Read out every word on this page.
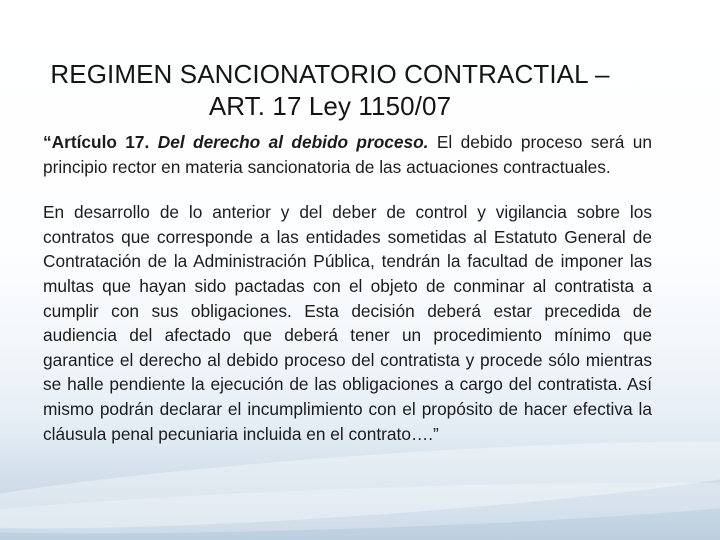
REGIMEN SANCIONATORIO CONTRACTIAL –
ART. 17 Ley 1150/07

“Artículo 17. Del derecho al debido proceso. El debido proceso será un principio rector en materia sancionatoria de las actuaciones contractuales.

En desarrollo de lo anterior y del deber de control y vigilancia sobre los contratos que corresponde a las entidades sometidas al Estatuto General de Contratación de la Administración Pública, tendrán la facultad de imponer las multas que hayan sido pactadas con el objeto de conminar al contratista a cumplir con sus obligaciones. Esta decisión deberá estar precedida de audiencia del afectado que deberá tener un procedimiento mínimo que garantice el derecho al debido proceso del contratista y procede sólo mientras se halle pendiente la ejecución de las obligaciones a cargo del contratista. Así mismo podrán declarar el incumplimiento con el propósito de hacer efectiva la cláusula penal pecuniaria incluida en el contrato….”
